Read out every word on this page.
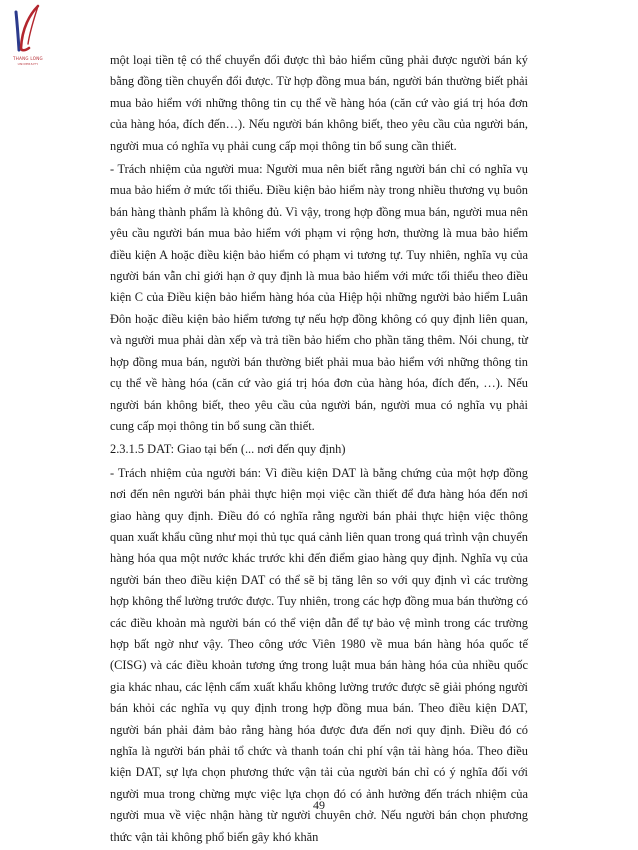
THANG LONG
UNIVERSITY	một loại tiền tệ có thể chuyển đổi được thì bảo hiểm cũng phải được người bán ký bằng đồng tiền chuyển đổi được. Từ hợp đồng mua bán, người bán thường biết phải mua bảo hiểm với những thông tin cụ thể về hàng hóa (căn cứ vào giá trị hóa đơn của hàng hóa, đích đến…). Nếu người bán không biết, theo yêu cầu của người bán, người mua có nghĩa vụ phải cung cấp mọi thông tin bổ sung cần thiết.

- Trách nhiệm của người mua: Người mua nên biết rằng người bán chỉ có nghĩa vụ mua bảo hiểm ở mức tối thiểu. Điều kiện bảo hiểm này trong nhiều thương vụ buôn bán hàng thành phẩm là không đủ. Vì vậy, trong hợp đồng mua bán, người mua nên yêu cầu người bán mua bảo hiểm với phạm vi rộng hơn, thường là mua bảo hiểm điều kiện A hoặc điều kiện bảo hiểm có phạm vi tương tự. Tuy nhiên, nghĩa vụ của người bán vẫn chỉ giới hạn ở quy định là mua bảo hiểm với mức tối thiểu theo điều kiện C của Điều kiện bảo hiểm hàng hóa của Hiệp hội những người bảo hiểm Luân Đôn hoặc điều kiện bảo hiểm tương tự nếu hợp đồng không có quy định liên quan, và người mua phải dàn xếp và trả tiền bảo hiểm cho phần tăng thêm. Nói chung, từ hợp đồng mua bán, người bán thường biết phải mua bảo hiểm với những thông tin cụ thể về hàng hóa (căn cứ vào giá trị hóa đơn của hàng hóa, đích đến, …). Nếu người bán không biết, theo yêu cầu của người bán, người mua có nghĩa vụ phải cung cấp mọi thông tin bổ sung cần thiết.

2.3.1.5 DAT: Giao tại bến (... nơi đến quy định)

- Trách nhiệm của người bán: Vì điều kiện DAT là bằng chứng của một hợp đồng nơi đến nên người bán phải thực hiện mọi việc cần thiết để đưa hàng hóa đến nơi giao hàng quy định. Điều đó có nghĩa rằng người bán phải thực hiện việc thông quan xuất khẩu cũng như mọi thủ tục quá cảnh liên quan trong quá trình vận chuyển hàng hóa qua một nước khác trước khi đến điểm giao hàng quy định. Nghĩa vụ của người bán theo điều kiện DAT có thể sẽ bị tăng lên so với quy định vì các trường hợp không thể lường trước được. Tuy nhiên, trong các hợp đồng mua bán thường có các điều khoản mà người bán có thể viện dẫn để tự bảo vệ mình trong các trường hợp bất ngờ như vậy. Theo công ước Viên 1980 về mua bán hàng hóa quốc tế (CISG) và các điều khoản tương ứng trong luật mua bán hàng hóa của nhiều quốc gia khác nhau, các lệnh cấm xuất khẩu không lường trước được sẽ giải phóng người bán khỏi các nghĩa vụ quy định trong hợp đồng mua bán. Theo điều kiện DAT, người bán phải đảm bảo rằng hàng hóa được đưa đến nơi quy định. Điều đó có nghĩa là người bán phải tổ chức và thanh toán chi phí vận tải hàng hóa. Theo điều kiện DAT, sự lựa chọn phương thức vận tải của người bán chỉ có ý nghĩa đối với người mua trong chừng mực việc lựa chọn đó có ảnh hưởng đến trách nhiệm của người mua về việc nhận hàng từ người chuyên chở. Nếu người bán chọn phương thức vận tải không phổ biến gây khó khăn

49
